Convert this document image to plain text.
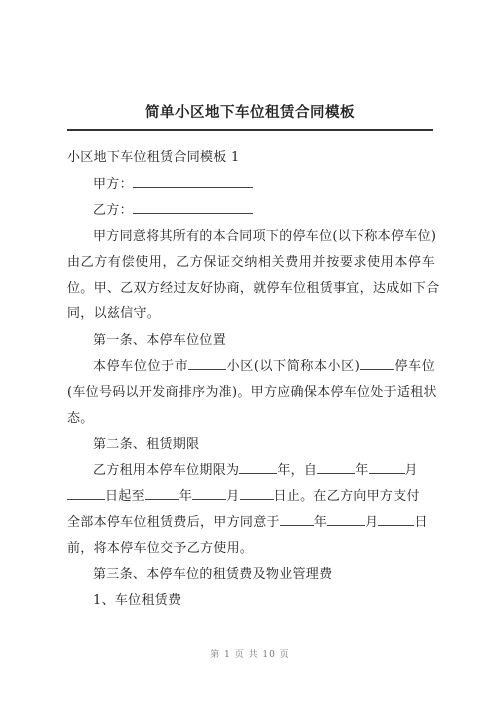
简单小区地下车位租赁合同模板
小区地下车位租赁合同模板 1
甲方：
乙方：
甲方同意将其所有的本合同项下的停车位(以下称本停车位)
由乙方有偿使用，乙方保证交纳相关费用并按要求使用本停车
位。甲、乙双方经过友好协商，就停车位租赁事宜，达成如下合
同，以兹信守。
第一条、本停车位位置
本停车位位于市	小区(以下简称本小区)	停车位
(车位号码以开发商排序为准)。甲方应确保本停车位处于适租状
态。
第二条、租赁期限
乙方租用本停车位期限为	年，自	年	月
日起至	年	月	日止。在乙方向甲方支付
全部本停车位租赁费后，甲方同意于	年	月	日
前，将本停车位交予乙方使用。
第三条、本停车位的租赁费及物业管理费
1、车位租赁费
第 1 页 共 10 页
